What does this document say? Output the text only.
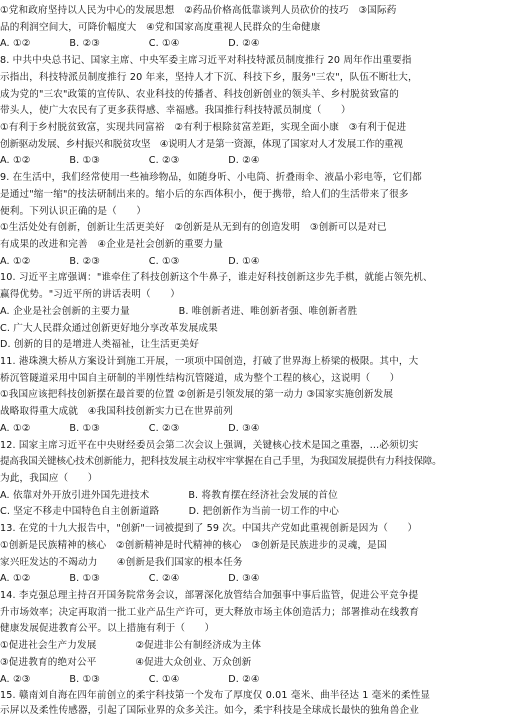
①党和政府坚持以人民为中心的发展思想　②药品价格高低靠谈判人员砍价的技巧　③国际药
品的利润空间大，可降价幅度大　④党和国家高度重视人民群众的生命健康
A. ①②　　　　B. ②③　　　　　C. ①④　　　　　D. ②④
8. 中共中央总书记、国家主席、中央军委主席习近平对科技特派员制度推行 20 周年作出重要指
示指出，科技特派员制度推行 20 年来，坚持人才下沉、科技下乡，服务"三农"，队伍不断壮大，
成为党的"三农"政策的宣传队、农业科技的传播者、科技创新创业的领头羊、乡村脱贫致富的
带头人，使广大农民有了更多获得感、幸福感。我国推行科技特派员制度（　　）
①有利于乡村脱贫致富，实现共同富裕　②有利于根除贫富差距，实现全面小康　③有利于促进
创新驱动发展、乡村振兴和脱贫攻坚　④说明人才是第一资源，体现了国家对人才发展工作的重视
A. ①②　　　　B. ①③　　　　　C. ②③　　　　　D. ②④
9. 在生活中，我们经常使用一些袖珍物品，如随身听、小电筒、折叠雨伞、液晶小彩电等，它们都
是通过"缩一缩"的技法研制出来的。缩小后的东西体积小，便于携带，给人们的生活带来了很多
便利。下列认识正确的是（　　）
①生活处处有创新，创新让生活更美好　②创新是从无到有的创造发明　③创新可以是对已
有成果的改进和完善　④企业是社会创新的重要力量
A. ①②　　　　B. ②③　　　　　C. ①③　　　　　D. ①④
10. 习近平主席强调："谁牵住了科技创新这个牛鼻子，谁走好科技创新这步先手棋，就能占领先机、
赢得优势。"习近平所的讲话表明（　　）
A. 企业是社会创新的主要力量　　　　　B. 唯创新者进、唯创新者强、唯创新者胜
C. 广大人民群众通过创新更好地分享改革发展成果
D. 创新的目的是增进人类福祉，让生活更美好
11. 港珠澳大桥从方案设计到施工开展，一项项中国创造，打破了世界海上桥梁的极限。其中，大
桥沉管隧道采用中国自主研制的半刚性结构沉管隧道，成为整个工程的核心，这说明（　　）
①我国应该把科技创新摆在最首要的位置 ②创新是引领发展的第一动力 ③国家实施创新发展
战略取得重大成就　④我国科技创新实力已在世界前列
A. ①②　　　　B. ①③　　　　　C. ②③　　　　　D. ③④
12. 国家主席习近平在中央财经委员会第二次会议上强调，关键核心技术是国之重器，…必须切实
提高我国关键核心技术创新能力，把科技发展主动权牢牢掌握在自己手里，为我国发展提供有力科技保障。
为此，我国应（　　）
A. 依靠对外开放引进外国先进技术　　　　B. 将教育摆在经济社会发展的首位
C. 坚定不移走中国特色自主创新道路　　　D. 把创新作为当前一切工作的中心
13. 在党的十九大报告中，"创新"一词被提到了 59 次。中国共产党如此重视创新是因为（　　）
①创新是民族精神的核心　②创新精神是时代精神的核心　③创新是民族进步的灵魂，是国
家兴旺发达的不竭动力　　④创新是我们国家的根本任务
A. ①②　　　　B. ①③　　　　　C. ②④　　　　　D. ③④
14. 李克强总理主持召开国务院常务会议，部署深化放管结合加强事中事后监管，促进公平竞争提
升市场效率；决定再取消一批工业产品生产许可，更大释放市场主体创造活力；部署推动在线教育
健康发展促进教育公平。以上措施有利于（　　）
①促进社会生产力发展　　　　②促进非公有制经济成为主体
③促进教育的绝对公平　　　　④促进大众创业、万众创新
A. ②③　　　　B. ①③　　　　　C. ①④　　　　　D. ②④
15. 赣南刘自海在四年前创立的柔宇科技第一个发布了厚度仅 0.01 毫米、曲半径达 1 毫米的柔性显
示屏以及柔性传感器，引起了国际业界的众多关注。如今，柔宇科技是全球成长最快的独角兽企业
